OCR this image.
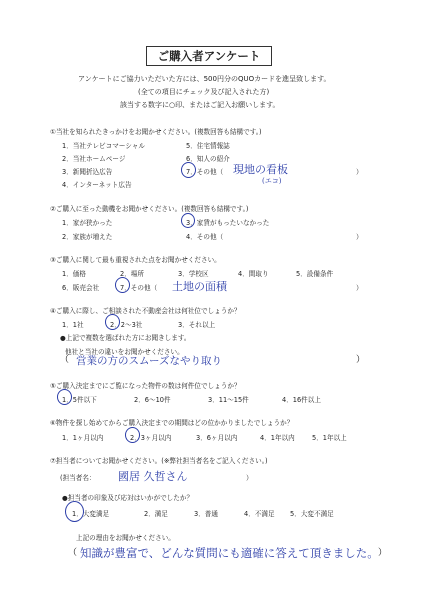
ご購入者アンケート
アンケートにご協力いただいた方には、500円分のQUOカードを進呈致します。
(全ての項目にチェック及び記入された方)
該当する数字に○印、またはご記入お願いします。
①当社を知られたきっかけをお聞かせください。(複数回答も結構です。)
1．当社テレビコマーシャル
2．当社ホームページ
3．新聞折込広告
4．インターネット広告
5．住宅情報誌
6．知人の紹介
7．その他（ 現地の看板
(エコ)
）
②ご購入に至った動機をお聞かせください。(複数回答も結構です。)
1．家が狭かった
2．家族が増えた
3．家賃がもったいなかった
4．その他（	）
③ご購入に関して最も重視された点をお聞かせください。
1．価格	2．場所	3．学校区	4．間取り	5．設備条件
6．販売会社	7．その他（ 土地の面積	）
④ご購入に際し、ご相談された不動産会社は何社位でしょうか？
1．1社	2．2～3社	3．それ以上
●上記で複数を選ばれた方にお聞きします。
他社と当社の違いをお聞かせください。
（ 営業の方のスムーズなやり取り	）
⑤ご購入決定までにご覧になった物件の数は何件位でしょうか？
1．5件以下	2．6～10件	3．11～15件	4．16件以上
⑥物件を探し始めてからご購入決定までの期間はどの位かかりましたでしょうか？
1．1ヶ月以内	2．3ヶ月以内	3．6ヶ月以内	4．1年以内	5．1年以上
⑦担当者についてお聞かせください。(※弊社担当者名をご記入ください。)
(担当者名： 國居 久哲さん	）
●担当者の印象及び応対はいかがでしたか？
1．大変満足	2．満足	3．普通	4．不満足 5．大変不満足
上記の理由をお聞かせください。
（ 知識が豊富で、どんな質問にも適確に答えて頂きました。 ）
